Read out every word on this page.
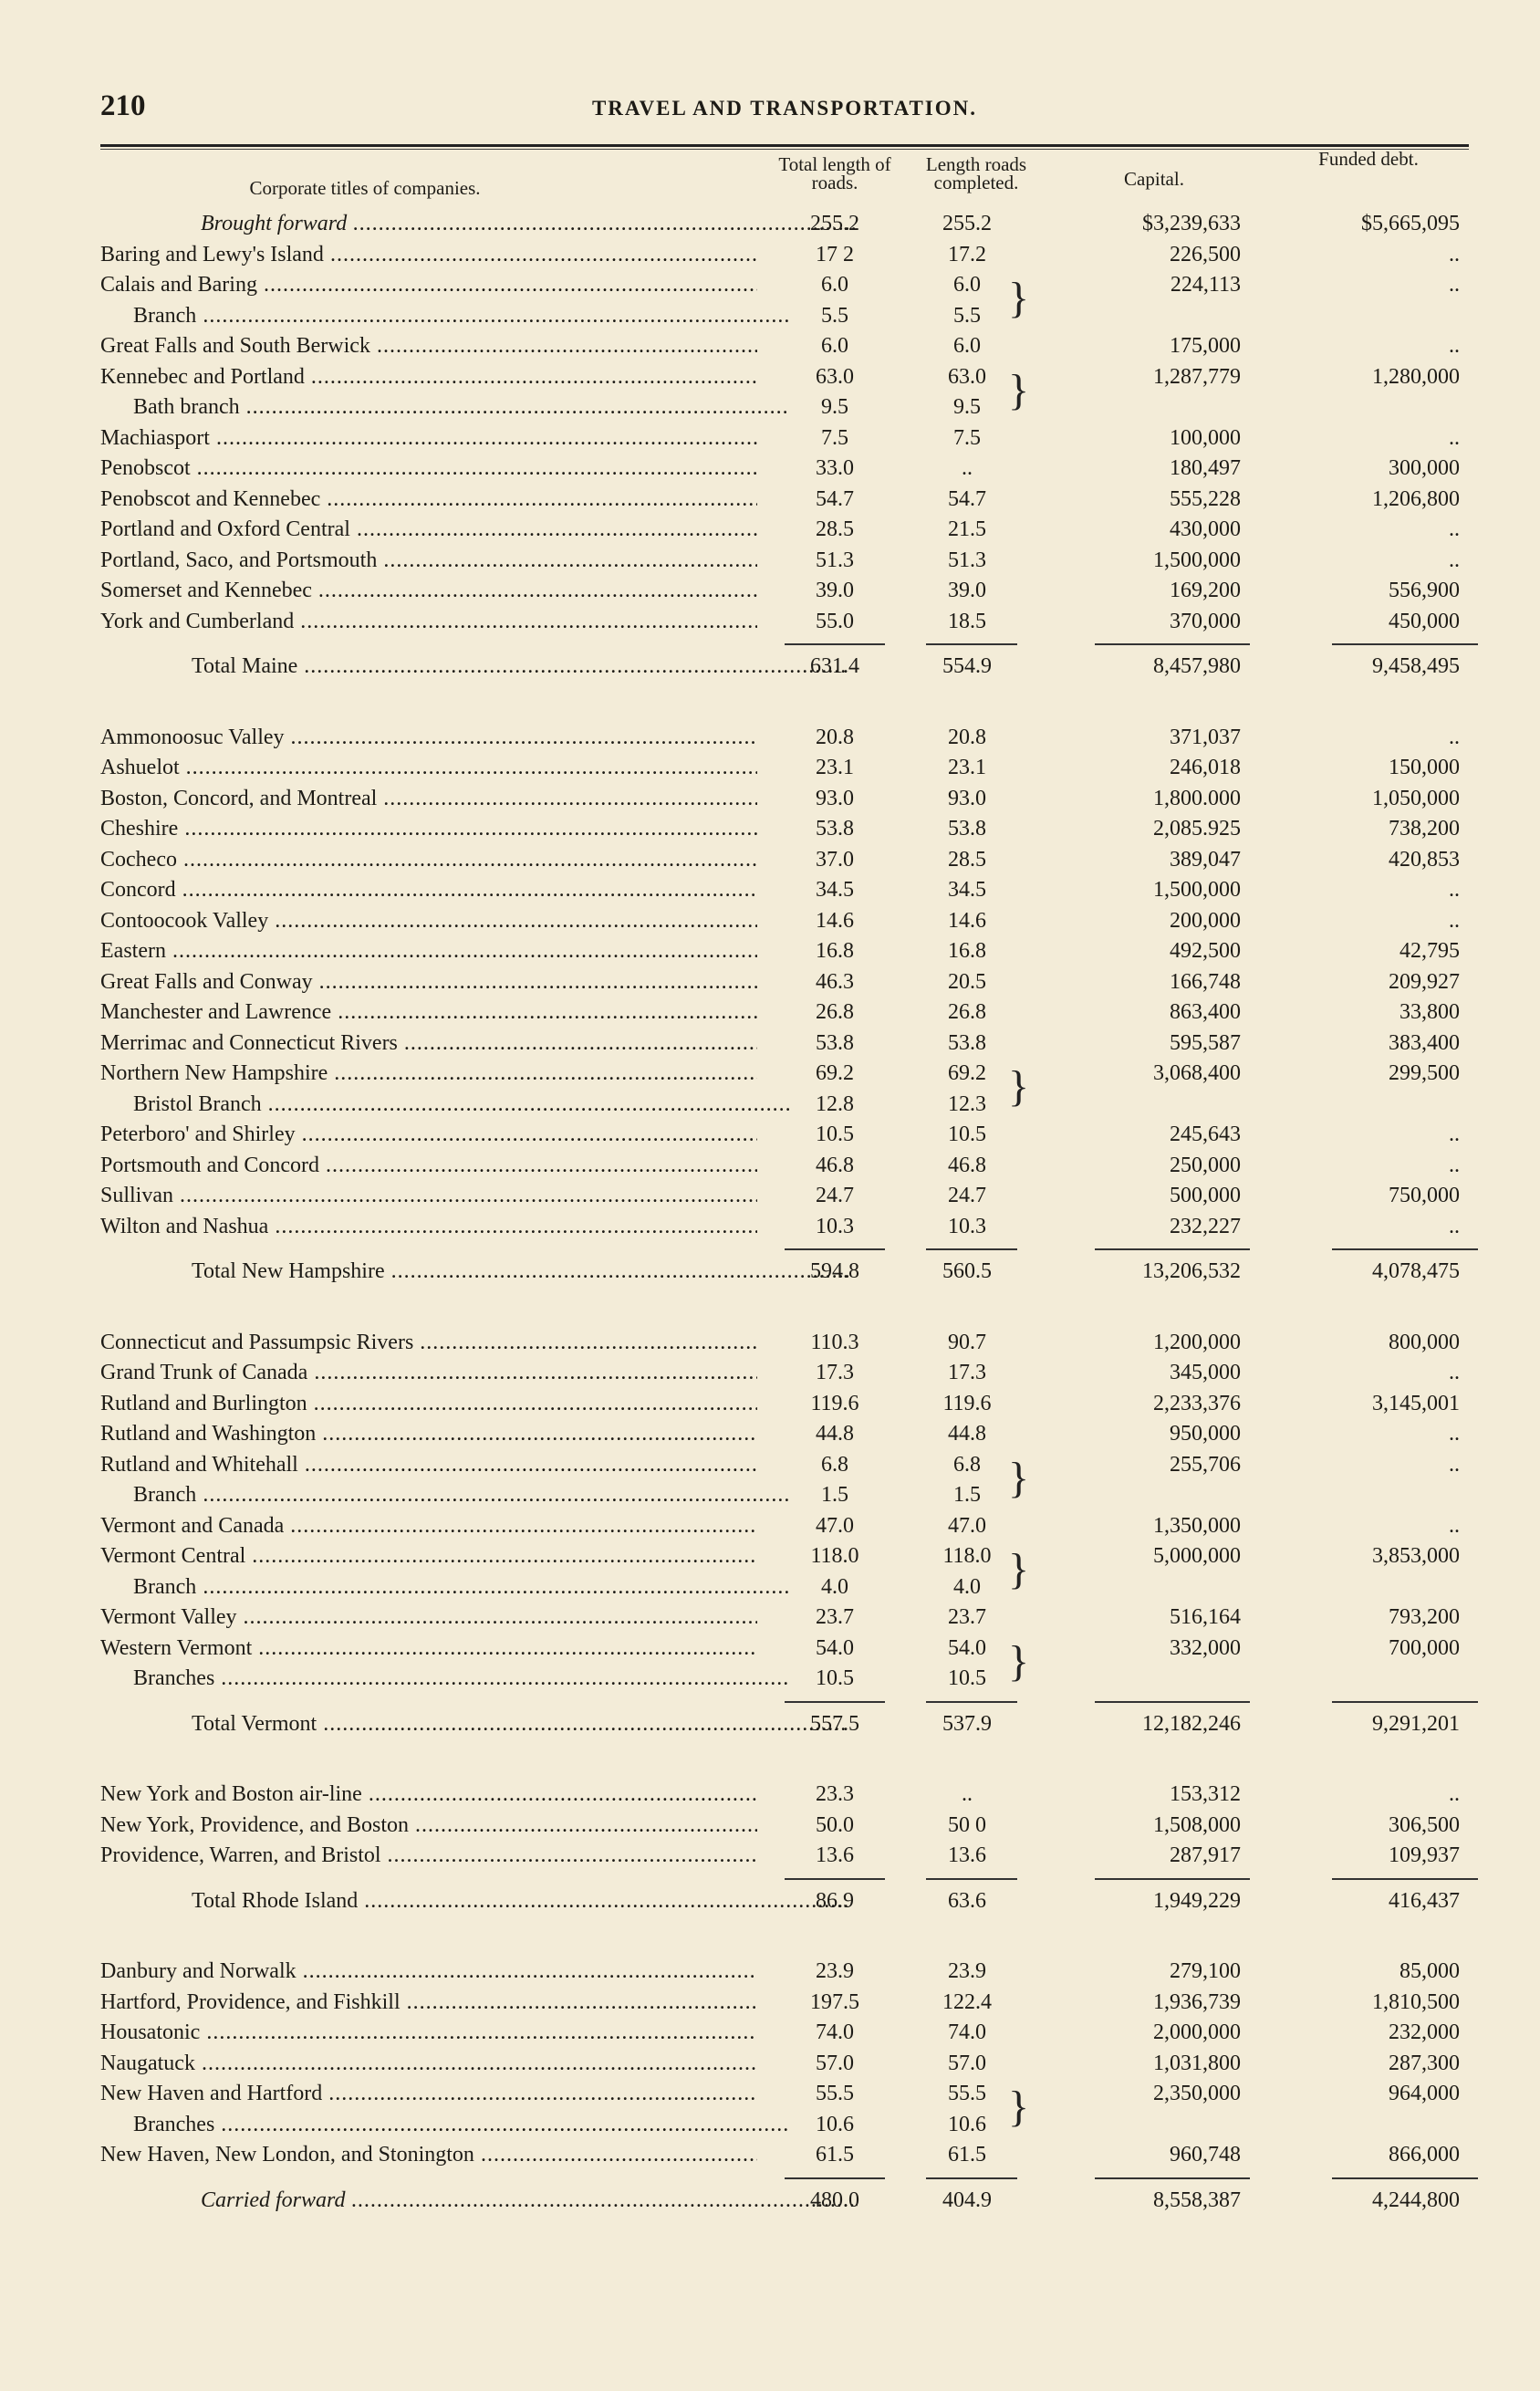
210	TRAVEL AND TRANSPORTATION.
Corporate titles of companies.
Total length of roads.
Length roads completed.	Capital.
Funded debt.
Brought forward .....	255.2	255.2	$3,239,633	$5,665,095
Baring and Lewy's Island .....	17 2	17.2	226,500	..
Calais and Baring .....	6.0	6.0	224,113	..
}
Branch .....	5.5	5.5
Great Falls and South Berwick .....	6.0	6.0	175,000	..
Kennebec and Portland .....	63.0	63.0	1,287,779	1,280,000
}
Bath branch .....	9.5	9.5
Machiasport .....	7.5	7.5	100,000	..
Penobscot .....	33.0	..	180,497	300,000
Penobscot and Kennebec .....	54.7	54.7	555,228	1,206,800
Portland and Oxford Central .....	28.5	21.5	430,000	..
Portland, Saco, and Portsmouth .....	51.3	51.3	1,500,000	..
Somerset and Kennebec .....	39.0	39.0	169,200	556,900
York and Cumberland .....	55.0	18.5	370,000	450,000
Total Maine .....	631.4	554.9	8,457,980	9,458,495
Ammonoosuc Valley .....	20.8	20.8	371,037	..
Ashuelot .....	23.1	23.1	246,018	150,000
Boston, Concord, and Montreal .....	93.0	93.0	1,800.000	1,050,000
Cheshire .....	53.8	53.8	2,085.925	738,200
Cocheco .....	37.0	28.5	389,047	420,853
Concord .....	34.5	34.5	1,500,000	..
Contoocook Valley .....	14.6	14.6	200,000	..
Eastern .....	16.8	16.8	492,500	42,795
Great Falls and Conway .....	46.3	20.5	166,748	209,927
Manchester and Lawrence .....	26.8	26.8	863,400	33,800
Merrimac and Connecticut Rivers .....	53.8	53.8	595,587	383,400
Northern New Hampshire .....	69.2	69.2	3,068,400	299,500
}
Bristol Branch .....	12.8	12.3
Peterboro' and Shirley .....	10.5	10.5	245,643	..
Portsmouth and Concord .....	46.8	46.8	250,000	..
Sullivan .....	24.7	24.7	500,000	750,000
Wilton and Nashua .....	10.3	10.3	232,227	..
Total New Hampshire .....	594.8	560.5	13,206,532	4,078,475
Connecticut and Passumpsic Rivers .....	110.3	90.7	1,200,000	800,000
Grand Trunk of Canada .....	17.3	17.3	345,000	..
Rutland and Burlington .....	119.6	119.6	2,233,376	3,145,001
Rutland and Washington .....	44.8	44.8	950,000	..
Rutland and Whitehall .....	6.8	6.8	255,706	..
}
Branch .....	1.5	1.5
Vermont and Canada .....	47.0	47.0	1,350,000	..
Vermont Central .....	118.0	118.0	5,000,000	3,853,000
}
Branch .....	4.0	4.0
Vermont Valley .....	23.7	23.7	516,164	793,200
Western Vermont .....	54.0	54.0	332,000	700,000
}
Branches .....	10.5	10.5
Total Vermont .....	557.5	537.9	12,182,246	9,291,201
New York and Boston air-line .....	23.3	..	153,312	..
New York, Providence, and Boston .....	50.0	50 0	1,508,000	306,500
Providence, Warren, and Bristol .....	13.6	13.6	287,917	109,937
Total Rhode Island .....	86.9	63.6	1,949,229	416,437
Danbury and Norwalk .....	23.9	23.9	279,100	85,000
Hartford, Providence, and Fishkill .....	197.5	122.4	1,936,739	1,810,500
Housatonic .....	74.0	74.0	2,000,000	232,000
Naugatuck .....	57.0	57.0	1,031,800	287,300
New Haven and Hartford .....	55.5	55.5	2,350,000	964,000
}
Branches .....	10.6	10.6
New Haven, New London, and Stonington .....	61.5	61.5	960,748	866,000
Carried forward .....	480.0	404.9	8,558,387	4,244,800
